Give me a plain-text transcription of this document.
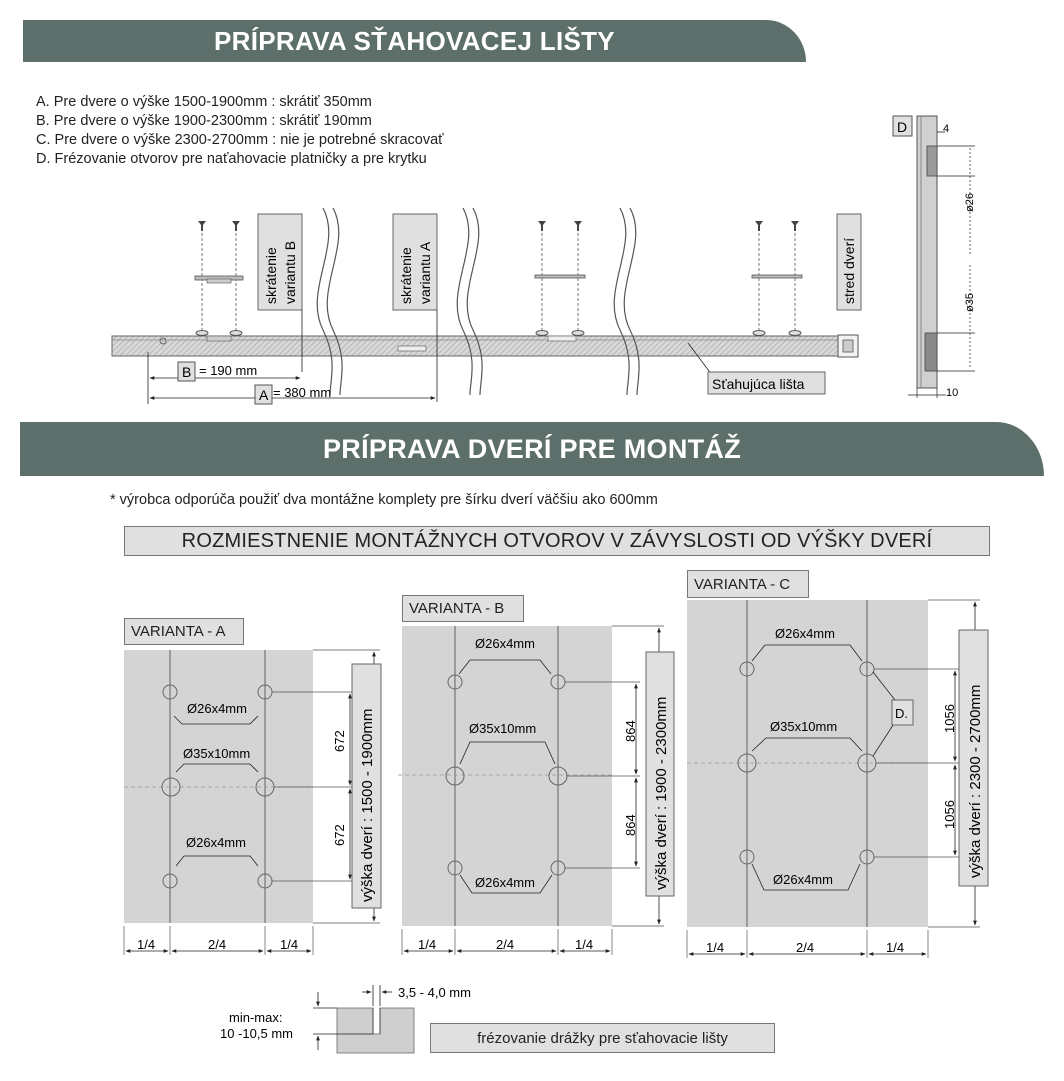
PRÍPRAVA SŤAHOVACEJ LIŠTY
A. Pre dvere o výške 1500-1900mm : skrátiť 350mm
B. Pre dvere o výške 1900-2300mm : skrátiť 190mm
C. Pre dvere o výške 2300-2700mm : nie je potrebné skracovať
D. Frézovanie otvorov pre naťahovacie platničky a pre krytku
PRÍPRAVA DVERÍ PRE MONTÁŽ
* výrobca odporúča použiť dva montážne komplety pre šírku dverí väčšiu ako 600mm
ROZMIESTNENIE MONTÁŽNYCH OTVOROV V ZÁVYSLOSTI OD VÝŠKY DVERÍ
VARIANTA - A
VARIANTA - B
VARIANTA - C
frézovanie drážky pre sťahovacie lišty
skrátenie variantu B	skrátenie variantu A	stred dverí
B = 190 mm
A = 380 mm
Sťahujúca lišta
D	4
ø26
ø35
10
Ø26x4mm
Ø35x10mm
Ø26x4mm
672
672 výška dverí : 1500 - 1900mm
1/4	2/4	1/4
Ø26x4mm
Ø35x10mm
Ø26x4mm
864
864 výška dverí : 1900 - 2300mm
1/4	2/4	1/4
Ø26x4mm
Ø35x10mm
Ø26x4mm
D.	1056
1056 výška dverí : 2300 - 2700mm
1/4	2/4	1/4
3,5 - 4,0 mm
min-max:
10 -10,5 mm
